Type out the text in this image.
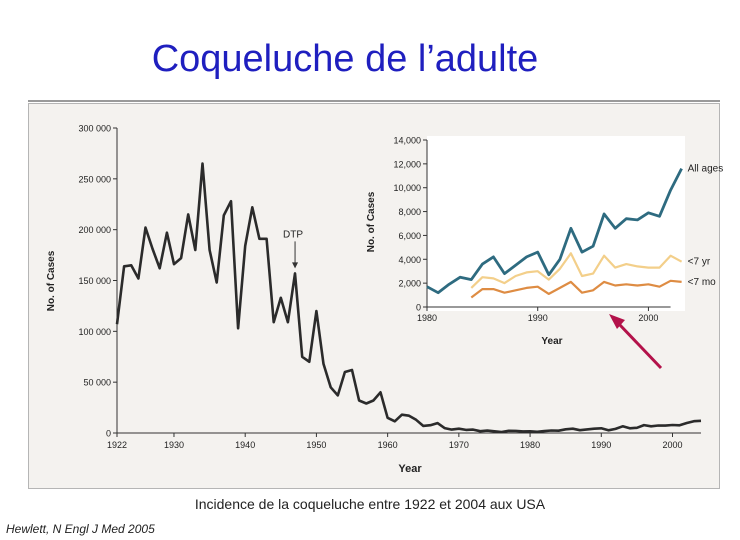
Coqueluche de l’adulte
No. of Cases
Year
DTP
0
50 000
100 000
150 000
200 000
250 000
300 000
1922	1930	1940	1950	1960	1970	1980	1990	2000
No. of Cases
Year
0
2,000
4,000
6,000
8,000
10,000
12,000
14,000
1980	1990	2000
All ages
<7 yr
<7 mo
Incidence de la coqueluche entre 1922 et 2004 aux USA
Hewlett, N Engl J Med 2005
